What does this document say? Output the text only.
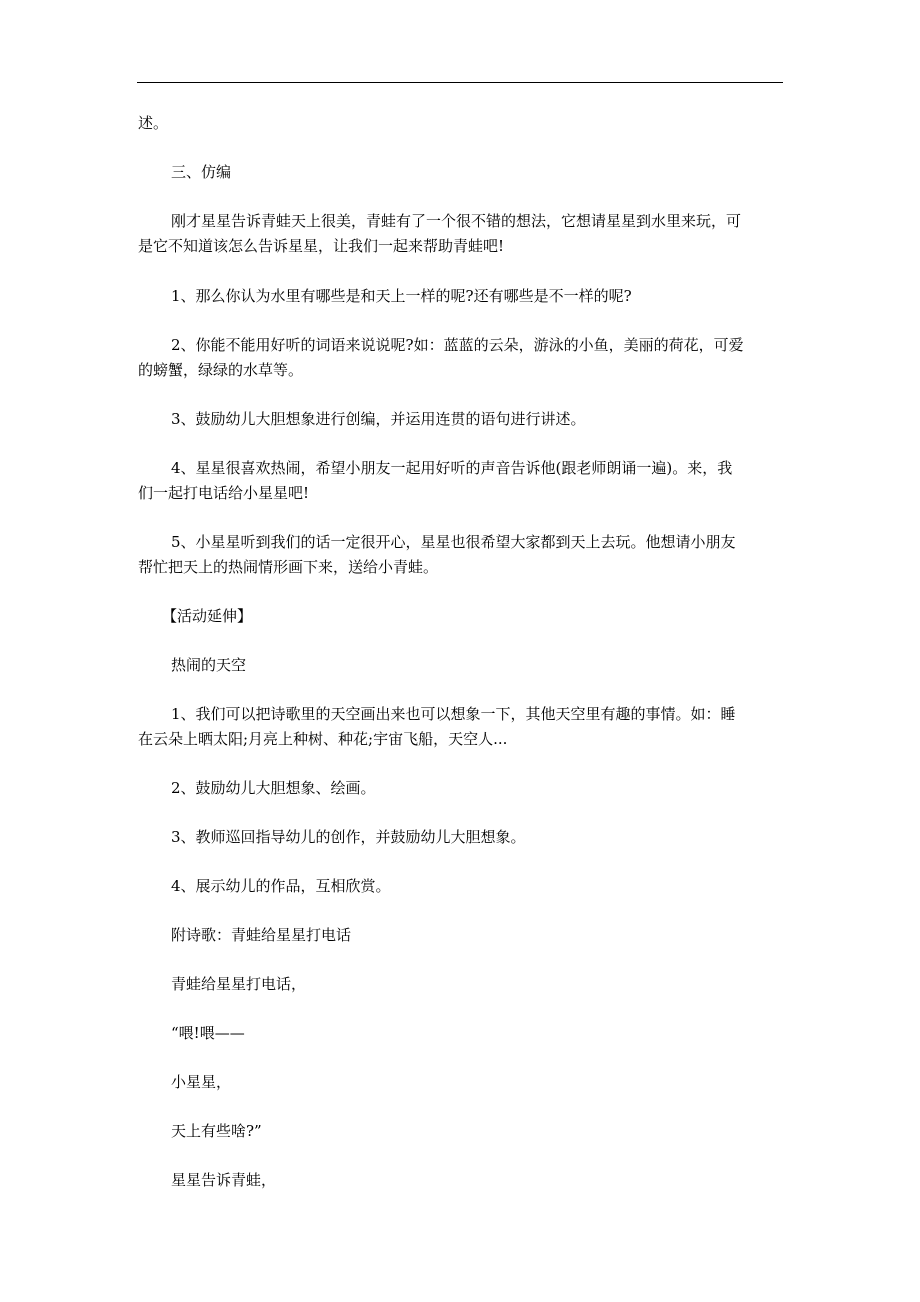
述。

三、仿编

刚才星星告诉青蛙天上很美，青蛙有了一个很不错的想法，它想请星星到水里来玩，可
是它不知道该怎么告诉星星，让我们一起来帮助青蛙吧!

1、那么你认为水里有哪些是和天上一样的呢?还有哪些是不一样的呢?

2、你能不能用好听的词语来说说呢?如：蓝蓝的云朵，游泳的小鱼，美丽的荷花，可爱
的螃蟹，绿绿的水草等。

3、鼓励幼儿大胆想象进行创编，并运用连贯的语句进行讲述。

4、星星很喜欢热闹，希望小朋友一起用好听的声音告诉他(跟老师朗诵一遍)。来，我
们一起打电话给小星星吧!

5、小星星听到我们的话一定很开心，星星也很希望大家都到天上去玩。他想请小朋友
帮忙把天上的热闹情形画下来，送给小青蛙。

【活动延伸】

热闹的天空

1、我们可以把诗歌里的天空画出来也可以想象一下，其他天空里有趣的事情。如：睡
在云朵上晒太阳;月亮上种树、种花;宇宙飞船，天空人...

2、鼓励幼儿大胆想象、绘画。

3、教师巡回指导幼儿的创作，并鼓励幼儿大胆想象。

4、展示幼儿的作品，互相欣赏。

附诗歌：青蛙给星星打电话

青蛙给星星打电话，

“喂!喂——

小星星，

天上有些啥?”

星星告诉青蛙，
